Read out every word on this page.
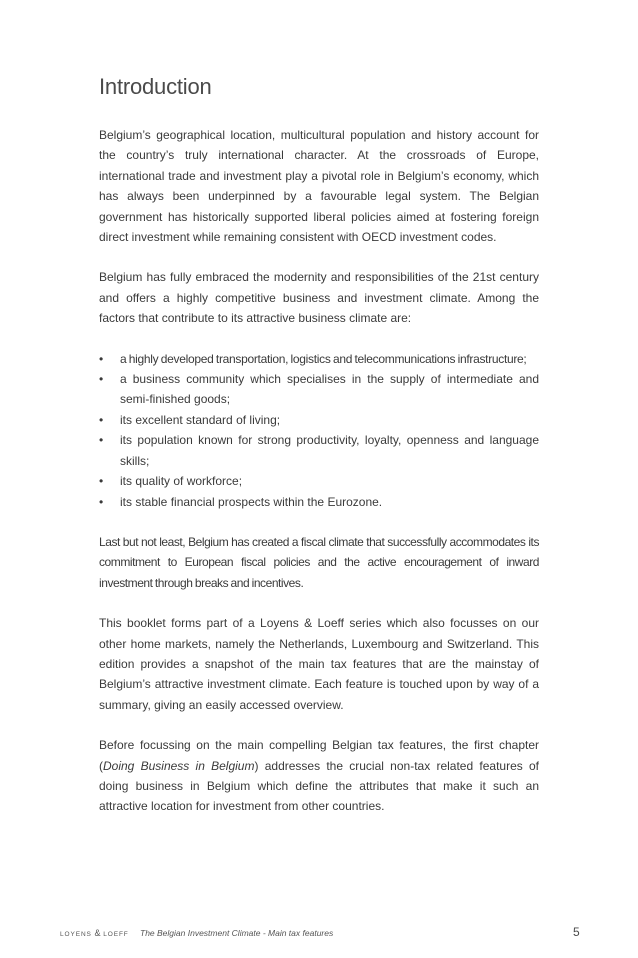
Introduction

Belgium’s geographical location, multicultural population and history account for the country’s truly international character. At the crossroads of Europe, international trade and investment play a pivotal role in Belgium’s economy, which has always been underpinned by a favourable legal system. The Belgian government has historically supported liberal policies aimed at fostering foreign direct investment while remaining consistent with OECD investment codes.

Belgium has fully embraced the modernity and responsibilities of the 21st century and offers a highly competitive business and investment climate. Among the factors that contribute to its attractive business climate are:

• a highly developed transportation, logistics and telecommunications infrastructure;
• a business community which specialises in the supply of intermediate and semi-finished goods;
• its excellent standard of living;
• its population known for strong productivity, loyalty, openness and language skills;
• its quality of workforce;
• its stable financial prospects within the Eurozone.

Last but not least, Belgium has created a fiscal climate that successfully accommodates its commitment to European fiscal policies and the active encouragement of inward investment through breaks and incentives.

This booklet forms part of a Loyens & Loeff series which also focusses on our other home markets, namely the Netherlands, Luxembourg and Switzerland. This edition provides a snapshot of the main tax features that are the mainstay of Belgium’s attractive investment climate. Each feature is touched upon by way of a summary, giving an easily accessed overview.

Before focussing on the main compelling Belgian tax features, the first chapter (Doing Business in Belgium) addresses the crucial non-tax related features of doing business in Belgium which define the attributes that make it such an attractive location for investment from other countries.

LOYENS & LOEFF The Belgian Investment Climate - Main tax features	5
